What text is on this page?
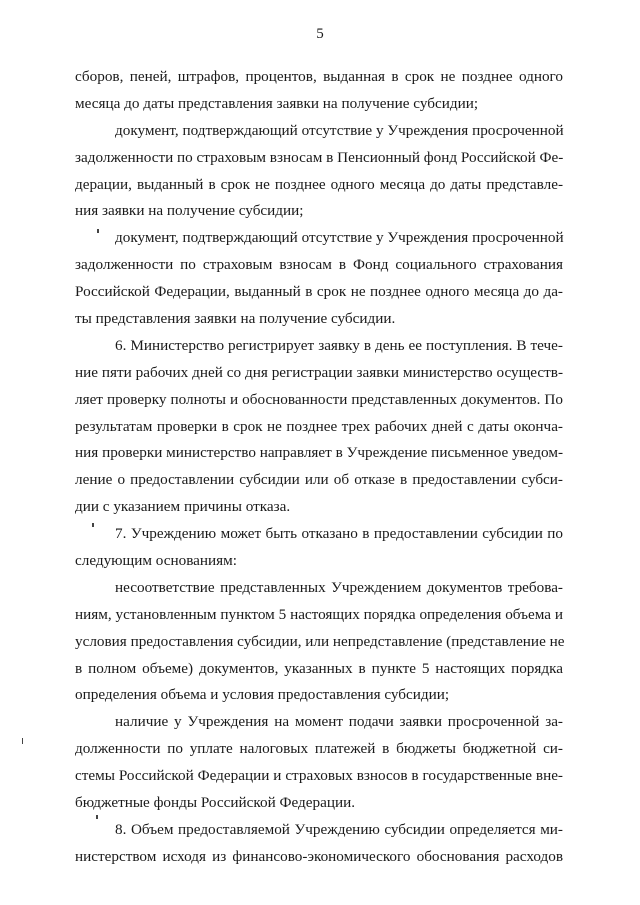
5
сборов, пеней, штрафов, процентов, выданная в срок не позднее одного
месяца до даты представления заявки на получение субсидии;
документ, подтверждающий отсутствие у Учреждения просроченной
задолженности по страховым взносам в Пенсионный фонд Российской Фе-
дерации, выданный в срок не позднее одного месяца до даты представле-
ния заявки на получение субсидии;
документ, подтверждающий отсутствие у Учреждения просроченной
задолженности по страховым взносам в Фонд социального страхования
Российской Федерации, выданный в срок не позднее одного месяца до да-
ты представления заявки на получение субсидии.
6. Министерство регистрирует заявку в день ее поступления. В тече-
ние пяти рабочих дней со дня регистрации заявки министерство осуществ-
ляет проверку полноты и обоснованности представленных документов. По
результатам проверки в срок не позднее трех рабочих дней с даты оконча-
ния проверки министерство направляет в Учреждение письменное уведом-
ление о предоставлении субсидии или об отказе в предоставлении субси-
дии с указанием причины отказа.
7. Учреждению может быть отказано в предоставлении субсидии по
следующим основаниям:
несоответствие представленных Учреждением документов требова-
ниям, установленным пунктом 5 настоящих порядка определения объема и
условия предоставления субсидии, или непредставление (представление не
в полном объеме) документов, указанных в пункте 5 настоящих порядка
определения объема и условия предоставления субсидии;
наличие у Учреждения на момент подачи заявки просроченной за-
долженности по уплате налоговых платежей в бюджеты бюджетной си-
стемы Российской Федерации и страховых взносов в государственные вне-
бюджетные фонды Российской Федерации.
8. Объем предоставляемой Учреждению субсидии определяется ми-
нистерством исходя из финансово-экономического обоснования расходов
